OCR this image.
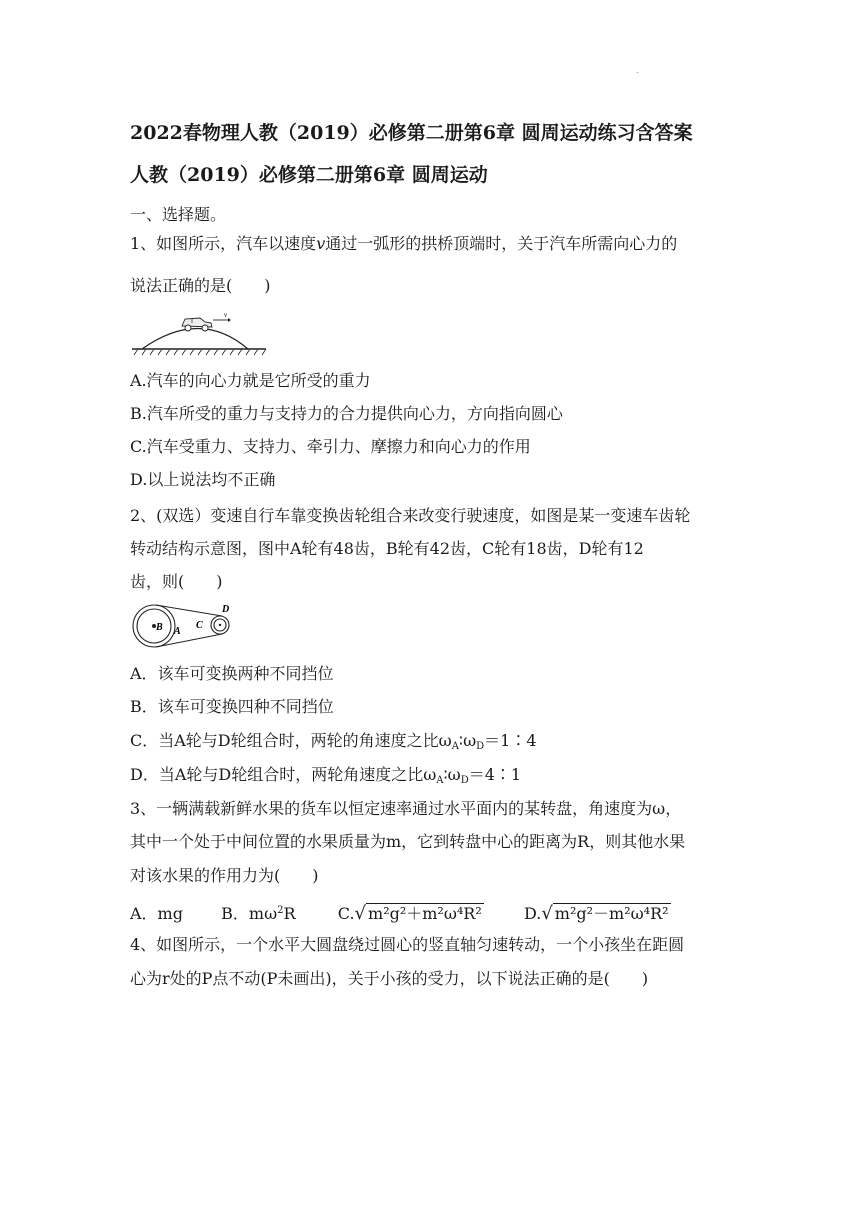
.
2022春物理人教（2019）必修第二册第6章 圆周运动练习含答案
人教（2019）必修第二册第6章 圆周运动
一、选择题。
1、如图所示，汽车以速度v通过一弧形的拱桥顶端时，关于汽车所需向心力的
说法正确的是(　　)
v
A.汽车的向心力就是它所受的重力
B.汽车所受的重力与支持力的合力提供向心力，方向指向圆心
C.汽车受重力、支持力、牵引力、摩擦力和向心力的作用
D.以上说法均不正确
2、(双选）变速自行车靠变换齿轮组合来改变行驶速度，如图是某一变速车齿轮
转动结构示意图，图中A轮有48齿，B轮有42齿，C轮有18齿，D轮有12
齿，则(　　)
B A
C
D
A．该车可变换两种不同挡位
B．该车可变换四种不同挡位
C．当A轮与D轮组合时，两轮的角速度之比$\omega_A∶\omega_D=1∶4$
D．当A轮与D轮组合时，两轮角速度之比$\omega_A∶\omega_D=4∶1$
3、一辆满载新鲜水果的货车以恒定速率通过水平面内的某转盘，角速度为ω，
其中一个处于中间位置的水果质量为m，它到转盘中心的距离为R，则其他水果
对该水果的作用力为(　　)
A．mg B．$m\omega^2R$	C.√ m²g²＋m²ω⁴R²	D.√ m²g²－m²ω⁴R²
4、如图所示，一个水平大圆盘绕过圆心的竖直轴匀速转动，一个小孩坐在距圆
心为r处的P点不动(P未画出)，关于小孩的受力，以下说法正确的是(　　)
